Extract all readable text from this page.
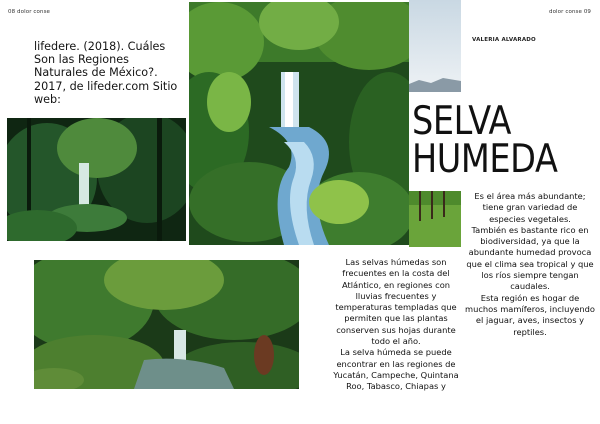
08 dolor conse	dolor conse 09
VALERIA ALVARADO
lifedere. (2018). Cuáles Son las Regiones Naturales de México?. 2017, de lifeder.com Sitio web:	SELVA
HUMEDA
Las selvas húmedas son frecuentes en la costa del Atlántico, en regiones con lluvias frecuentes y temperaturas templadas que permiten que las plantas conserven sus hojas durante todo el año.
La selva húmeda se puede encontrar en las regiones de Yucatán, Campeche, Quintana Roo, Tabasco, Chiapas y
Es el área más abundante; tiene gran variedad de especies vegetales.
También es bastante rico en biodiversidad, ya que la abundante humedad provoca que el clima sea tropical y que los ríos siempre tengan caudales.
Esta región es hogar de muchos mamíferos, incluyendo el jaguar, aves, insectos y reptiles.
